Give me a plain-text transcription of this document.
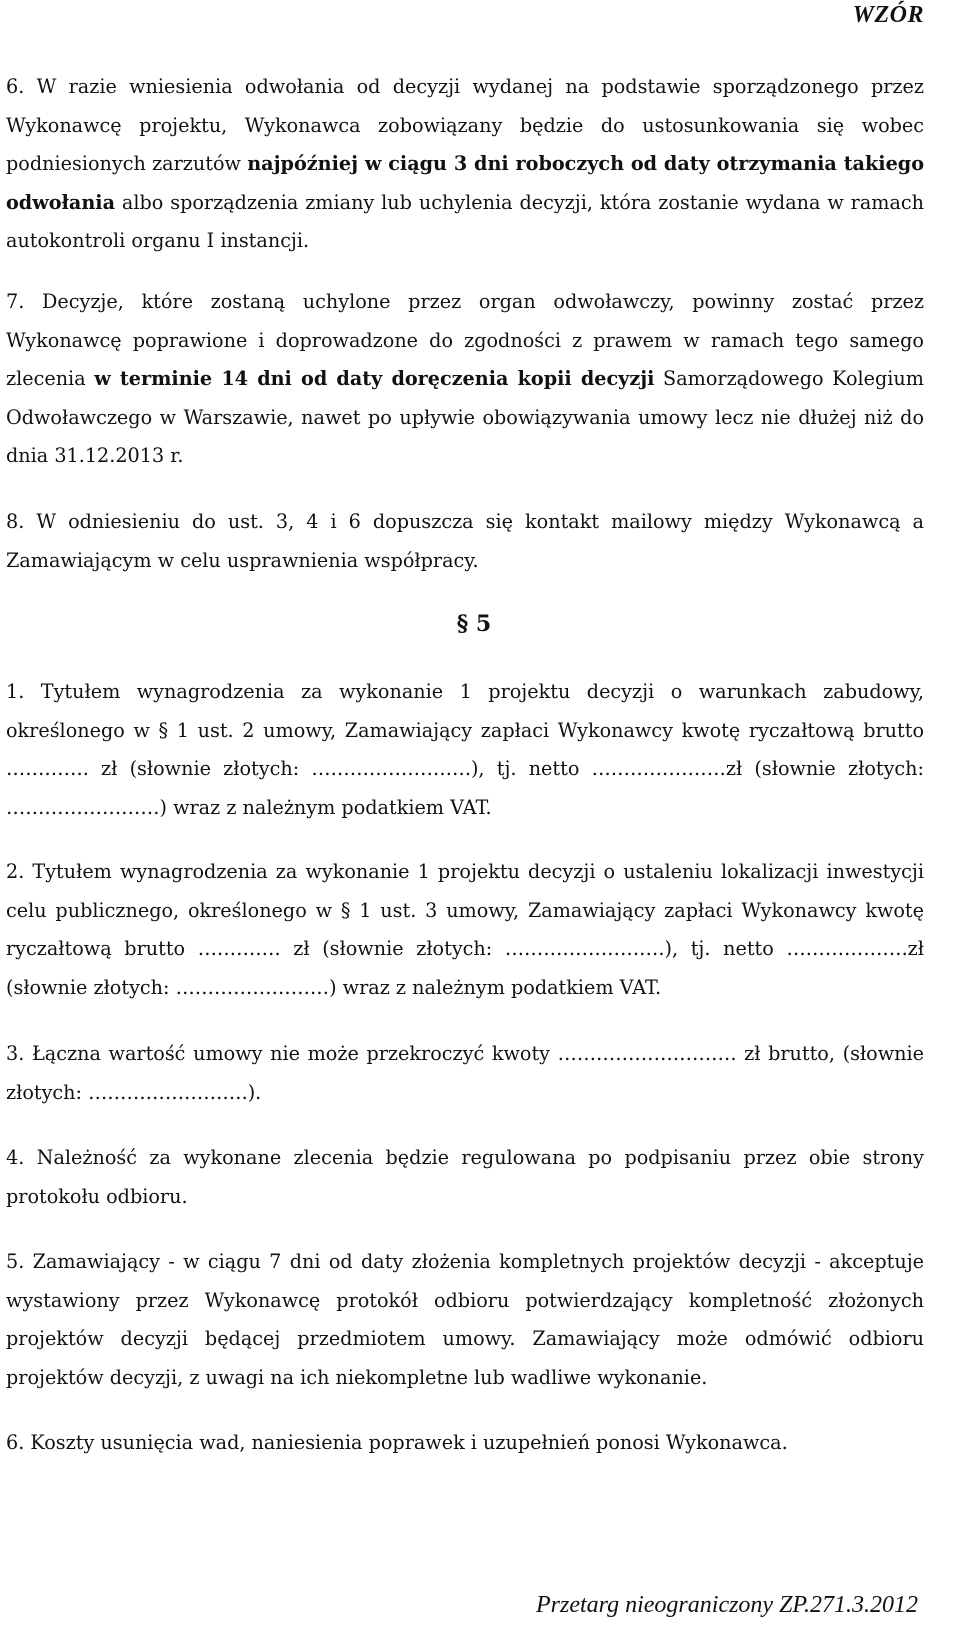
WZÓR

6. W razie wniesienia odwołania od decyzji wydanej na podstawie sporządzonego przez Wykonawcę projektu, Wykonawca zobowiązany będzie do ustosunkowania się wobec podniesionych zarzutów najpóźniej w ciągu 3 dni roboczych od daty otrzymania takiego odwołania albo sporządzenia zmiany lub uchylenia decyzji, która zostanie wydana w ramach autokontroli organu I instancji.

7. Decyzje, które zostaną uchylone przez organ odwoławczy, powinny zostać przez Wykonawcę poprawione i doprowadzone do zgodności z prawem w ramach tego samego zlecenia w terminie 14 dni od daty doręczenia kopii decyzji Samorządowego Kolegium Odwoławczego w Warszawie, nawet po upływie obowiązywania umowy lecz nie dłużej niż do dnia 31.12.2013 r.

8. W odniesieniu do ust. 3, 4 i 6 dopuszcza się kontakt mailowy między Wykonawcą a Zamawiającym w celu usprawnienia współpracy.

§ 5

1. Tytułem wynagrodzenia za wykonanie 1 projektu decyzji o warunkach zabudowy, określonego w § 1 ust. 2 umowy, Zamawiający zapłaci Wykonawcy kwotę ryczałtową brutto …………. zł (słownie złotych: …………………….), tj. netto …………………zł (słownie złotych: ……………………) wraz z należnym podatkiem VAT.

2. Tytułem wynagrodzenia za wykonanie 1 projektu decyzji o ustaleniu lokalizacji inwestycji celu publicznego, określonego w § 1 ust. 3 umowy, Zamawiający zapłaci Wykonawcy kwotę ryczałtową brutto …………. zł (słownie złotych: …………………….), tj. netto ……………….zł (słownie złotych: ……………………) wraz z należnym podatkiem VAT.

3. Łączna wartość umowy nie może przekroczyć kwoty ………………………. zł brutto, (słownie złotych: …………………….).

4. Należność za wykonane zlecenia będzie regulowana po podpisaniu przez obie strony protokołu odbioru.

5. Zamawiający - w ciągu 7 dni od daty złożenia kompletnych projektów decyzji - akceptuje wystawiony przez Wykonawcę protokół odbioru potwierdzający kompletność złożonych projektów decyzji będącej przedmiotem umowy. Zamawiający może odmówić odbioru projektów decyzji, z uwagi na ich niekompletne lub wadliwe wykonanie.

6. Koszty usunięcia wad, naniesienia poprawek i uzupełnień ponosi Wykonawca.

Przetarg nieograniczony ZP.271.3.2012
